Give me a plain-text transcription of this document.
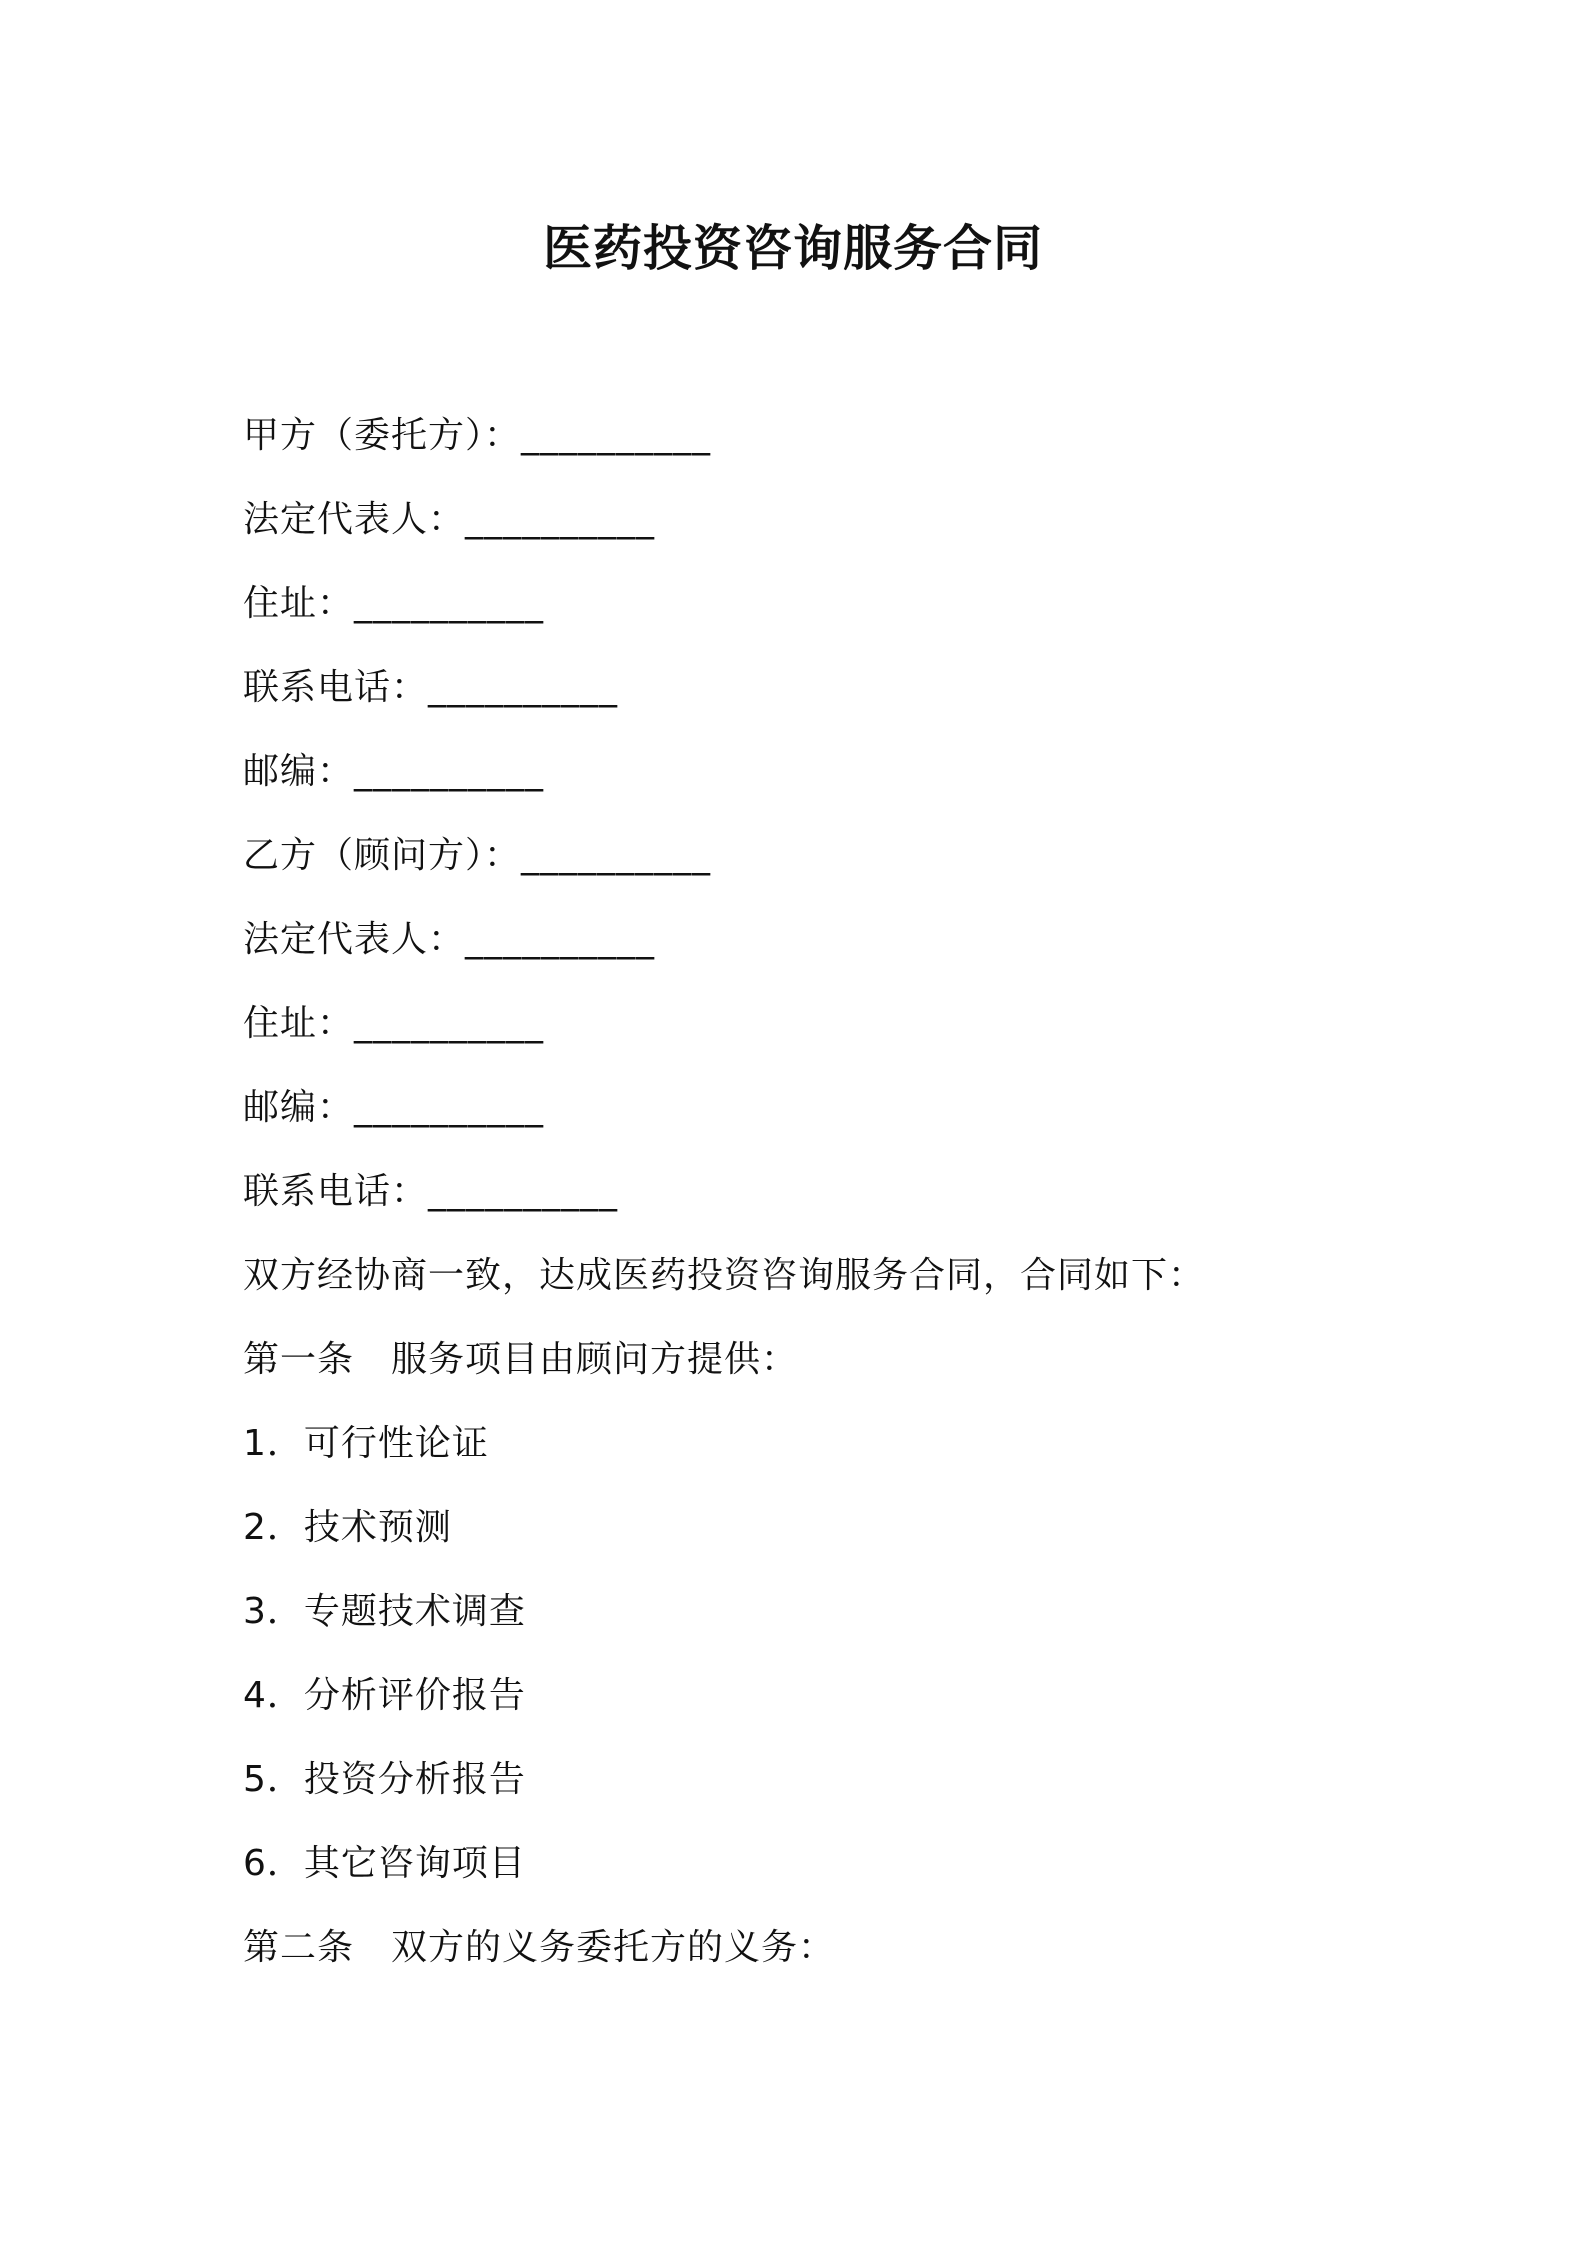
医药投资咨询服务合同
甲方（委托方）：__________
法定代表人：__________
住址：__________
联系电话：__________
邮编：__________
乙方（顾问方）：__________
法定代表人：__________
住址：__________
邮编：__________
联系电话：__________
双方经协商一致，达成医药投资咨询服务合同，合同如下：
第一条　服务项目由顾问方提供：
1．可行性论证
2．技术预测
3．专题技术调查
4．分析评价报告
5．投资分析报告
6．其它咨询项目
第二条　双方的义务委托方的义务：
